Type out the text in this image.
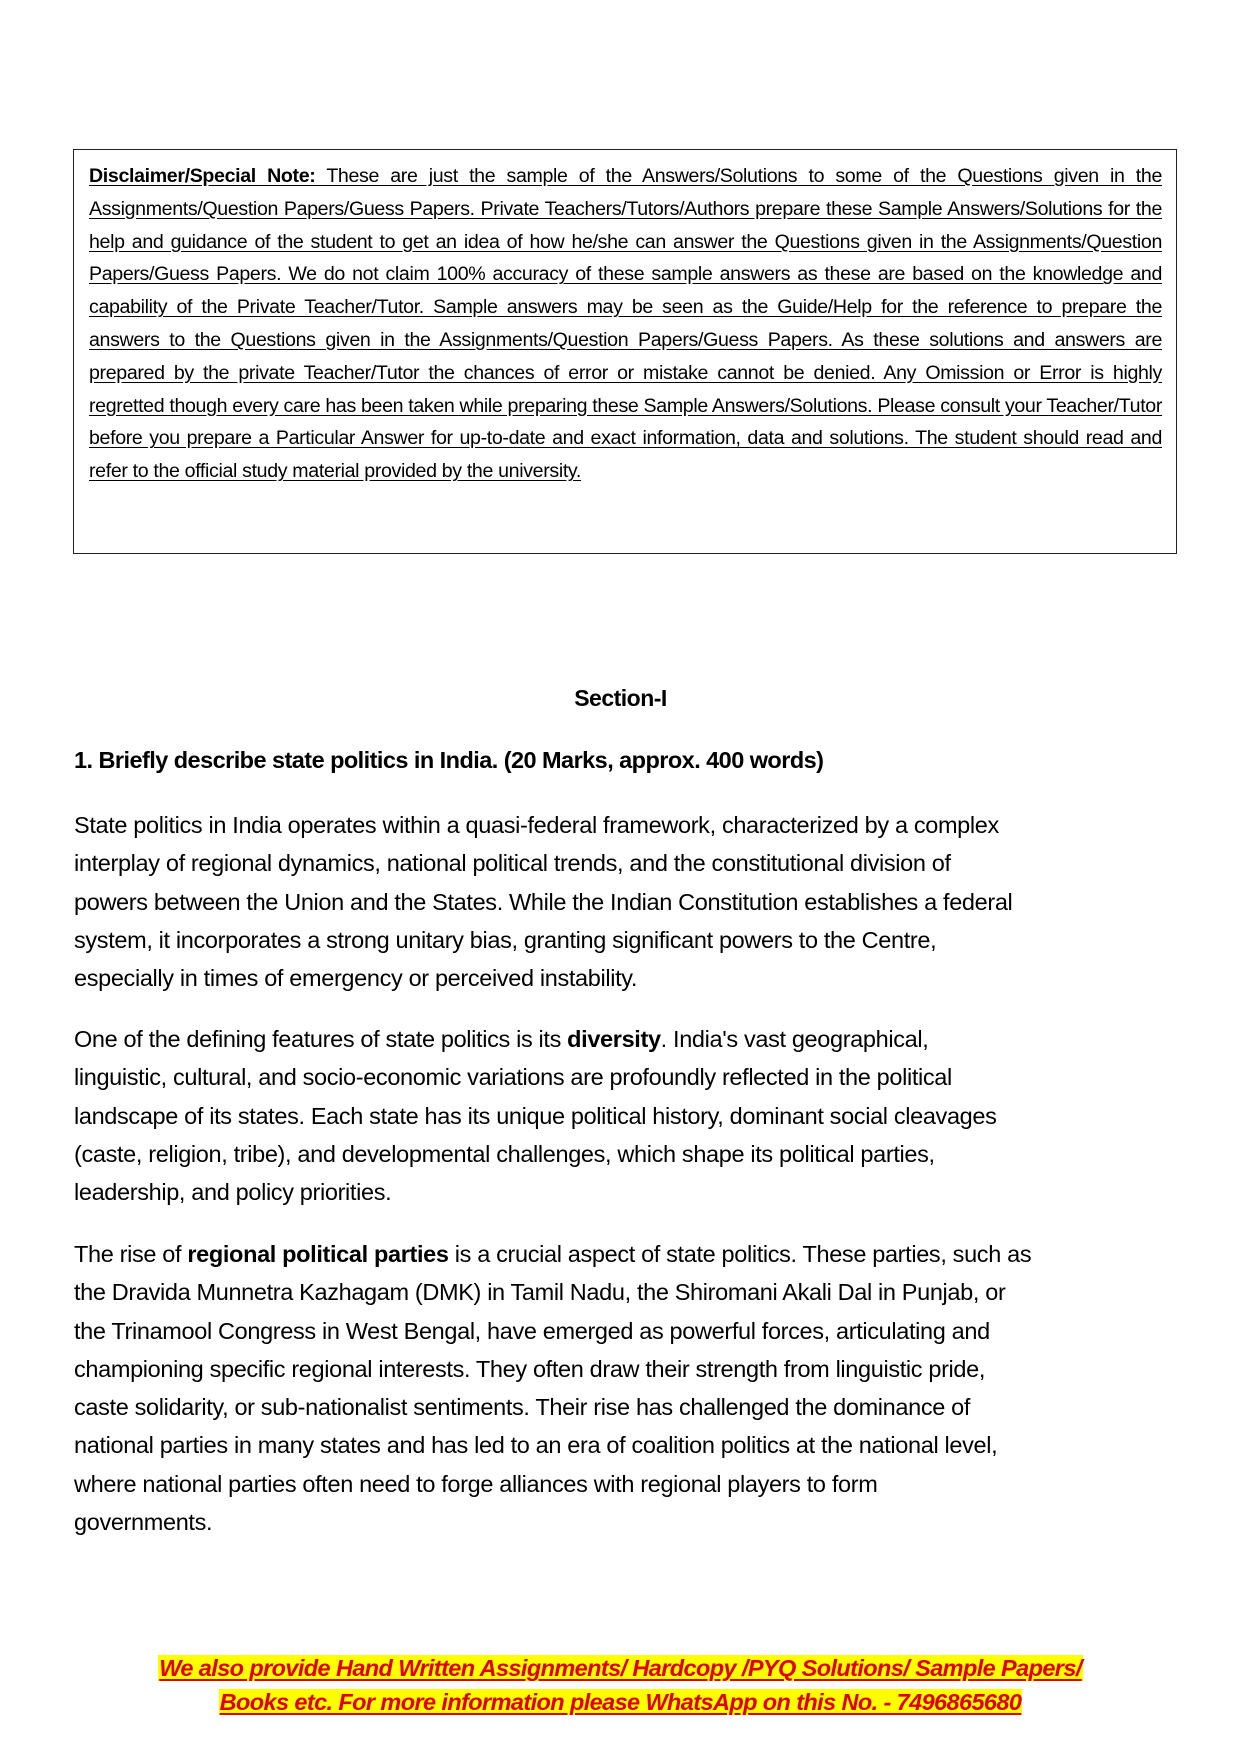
Disclaimer/Special Note: These are just the sample of the Answers/Solutions to some of the Questions given in the Assignments/Question Papers/Guess Papers. Private Teachers/Tutors/Authors prepare these Sample Answers/Solutions for the help and guidance of the student to get an idea of how he/she can answer the Questions given in the Assignments/Question Papers/Guess Papers. We do not claim 100% accuracy of these sample answers as these are based on the knowledge and capability of the Private Teacher/Tutor. Sample answers may be seen as the Guide/Help for the reference to prepare the answers to the Questions given in the Assignments/Question Papers/Guess Papers. As these solutions and answers are prepared by the private Teacher/Tutor the chances of error or mistake cannot be denied. Any Omission or Error is highly regretted though every care has been taken while preparing these Sample Answers/Solutions. Please consult your Teacher/Tutor before you prepare a Particular Answer for up-to-date and exact information, data and solutions. The student should read and refer to the official study material provided by the university.

Section-I
1. Briefly describe state politics in India. (20 Marks, approx. 400 words)
State politics in India operates within a quasi-federal framework, characterized by a complex
interplay of regional dynamics, national political trends, and the constitutional division of
powers between the Union and the States. While the Indian Constitution establishes a federal
system, it incorporates a strong unitary bias, granting significant powers to the Centre,
especially in times of emergency or perceived instability.
One of the defining features of state politics is its diversity. India's vast geographical,
linguistic, cultural, and socio-economic variations are profoundly reflected in the political
landscape of its states. Each state has its unique political history, dominant social cleavages
(caste, religion, tribe), and developmental challenges, which shape its political parties,
leadership, and policy priorities.
The rise of regional political parties is a crucial aspect of state politics. These parties, such as
the Dravida Munnetra Kazhagam (DMK) in Tamil Nadu, the Shiromani Akali Dal in Punjab, or
the Trinamool Congress in West Bengal, have emerged as powerful forces, articulating and
championing specific regional interests. They often draw their strength from linguistic pride,
caste solidarity, or sub-nationalist sentiments. Their rise has challenged the dominance of
national parties in many states and has led to an era of coalition politics at the national level,
where national parties often need to forge alliances with regional players to form
governments.
We also provide Hand Written Assignments/ Hardcopy /PYQ Solutions/ Sample Papers/
Books etc. For more information please WhatsApp on this No. - 7496865680
